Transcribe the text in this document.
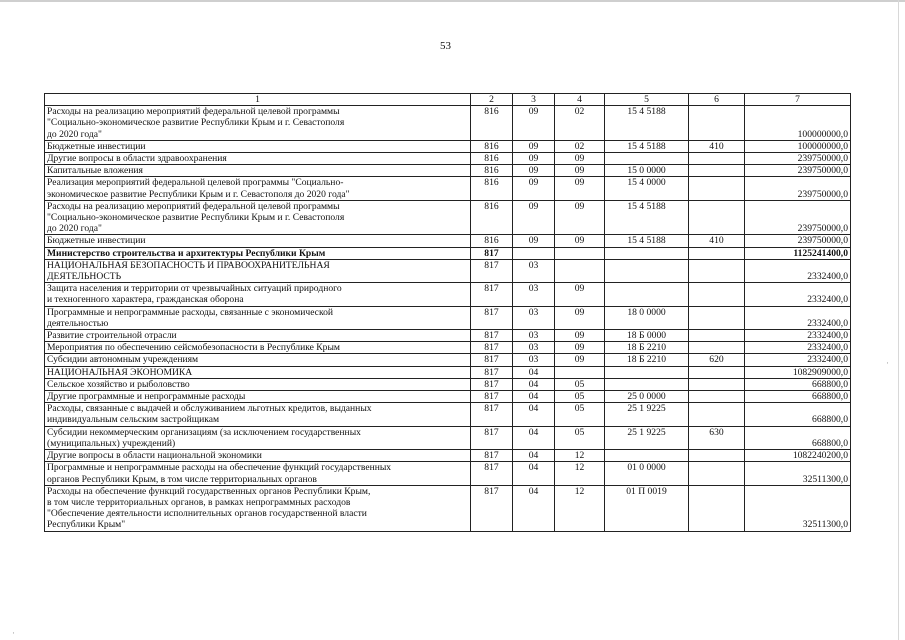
53
1	2	3	4	5	6	7
Расходы на реализацию мероприятий федеральной целевой программы
"Социально-экономическое развитие Республики Крым и г. Севастополя
до 2020 года"	816	09	02	15 4 5188		100000000,0
Бюджетные инвестиции	816	09	02	15 4 5188	410	100000000,0
Другие вопросы в области здравоохранения	816	09	09			239750000,0
Капитальные вложения	816	09	09	15 0 0000		239750000,0
Реализация мероприятий федеральной целевой программы "Социально-
экономическое развитие Республики Крым и г. Севастополя до 2020 года"	816	09	09	15 4 0000		239750000,0
Расходы на реализацию мероприятий федеральной целевой программы
"Социально-экономическое развитие Республики Крым и г. Севастополя
до 2020 года"	816	09	09	15 4 5188		239750000,0
Бюджетные инвестиции	816	09	09	15 4 5188	410	239750000,0
Министерство строительства и архитектуры Республики Крым	817					1125241400,0
НАЦИОНАЛЬНАЯ БЕЗОПАСНОСТЬ И ПРАВООХРАНИТЕЛЬНАЯ
ДЕЯТЕЛЬНОСТЬ	817	03				2332400,0
Защита населения и территории от чрезвычайных ситуаций природного
и техногенного характера, гражданская оборона	817	03	09			2332400,0
Программные и непрограммные расходы, связанные с экономической
деятельностью	817	03	09	18 0 0000		2332400,0
Развитие строительной отрасли	817	03	09	18 Б 0000		2332400,0
Мероприятия по обеспечению сейсмобезопасности в Республике Крым	817	03	09	18 Б 2210		2332400,0
Субсидии автономным учреждениям	817	03	09	18 Б 2210	620	2332400,0
НАЦИОНАЛЬНАЯ ЭКОНОМИКА	817	04				1082909000,0
Сельское хозяйство и рыболовство	817	04	05			668800,0
Другие программные и непрограммные расходы	817	04	05	25 0 0000		668800,0
Расходы, связанные с выдачей и обслуживанием льготных кредитов, выданных
индивидуальным сельским застройщикам	817	04	05	25 1 9225		668800,0
Субсидии некоммерческим организациям (за исключением государственных
(муниципальных) учреждений)	817	04	05	25 1 9225	630	668800,0
Другие вопросы в области национальной экономики	817	04	12			1082240200,0
Программные и непрограммные расходы на обеспечение функций государственных
органов Республики Крым, в том числе территориальных органов	817	04	12	01 0 0000		32511300,0
Расходы на обеспечение функций государственных органов Республики Крым,
в том числе территориальных органов, в рамках непрограммных расходов
"Обеспечение деятельности исполнительных органов государственной власти
Республики Крым"	817	04	12	01 П 0019		32511300,0
·
·
